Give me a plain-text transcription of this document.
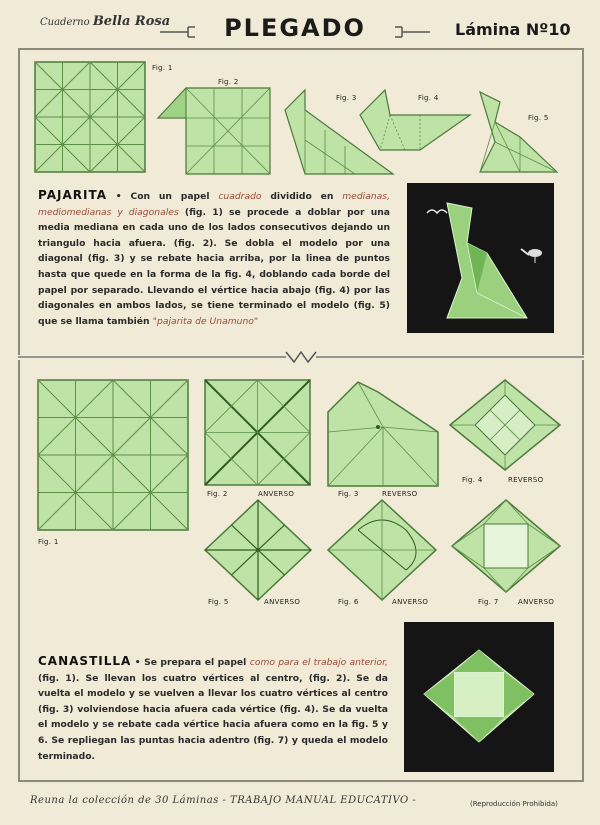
Cuaderno Bella Rosa	PLEGADO	Lámina Nº10
Fig. 1
Fig. 2
Fig. 3	Fig. 4
Fig. 5
PAJARITA • Con un papel cuadrado dividido en medianas, mediomedianas y diagonales (fig. 1) se procede a doblar por una media mediana en cada uno de los lados consecutivos dejando un triangulo hacia afuera. (fig. 2). Se dobla el modelo por una diagonal (fig. 3) y se rebate hacia arriba, por la linea de puntos hasta que quede en la forma de la fig. 4, doblando cada borde del papel por separado. Llevando el vértice hacia abajo (fig. 4) por las diagonales en ambos lados, se tiene terminado el modelo (fig. 5) que se llama también "pajarita de Unamuno"
Fig. 1
Fig. 2	ANVERSO	Fig. 3	REVERSO
Fig. 4	REVERSO
Fig. 5	ANVERSO	Fig. 6	ANVERSO	Fig. 7	ANVERSO
CANASTILLA • Se prepara el papel como para el trabajo anterior, (fig. 1). Se llevan los cuatro vértices al centro, (fig. 2). Se da vuelta el modelo y se vuelven a llevar los cuatro vértices al centro (fig. 3) volviendose hacia afuera cada vértice (fig. 4). Se da vuelta el modelo y se rebate cada vértice hacia afuera como en la fig. 5 y 6. Se repliegan las puntas hacia adentro (fig. 7) y queda el modelo terminado.
Reuna la colección de 30 Láminas - TRABAJO MANUAL EDUCATIVO -	(Reproducción Prohibida)
